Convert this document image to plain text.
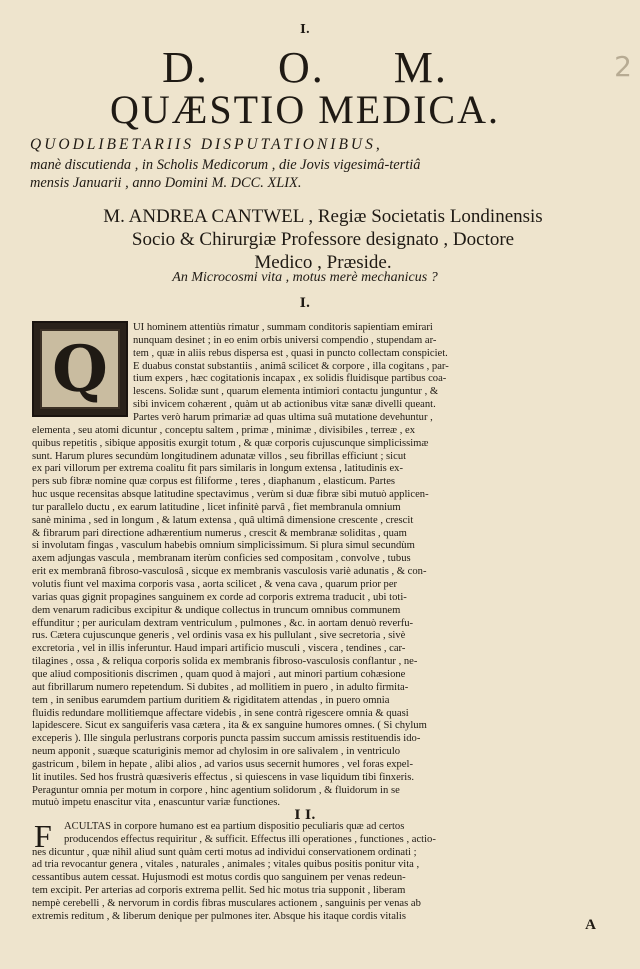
I.
2
D. O. M.
QUÆSTIO MEDICA.
QUODLIBETARIIS DISPUTATIONIBUS,
manè discutienda , in Scholis Medicorum , die Jovis vigesimâ-tertiâ
mensis Januarii , anno Domini M. DCC. XLIX.
M. ANDREA CANTWEL , Regiæ Societatis Londinensis
Socio & Chirurgiæ Professore designato , Doctore
Medico , Præside.
An Microcosmi vita , motus merè mechanicus ?
I.
Q
UI hominem attentiùs rimatur , summam conditoris sapientiam emirari
nunquam desinet ; in eo enim orbis universi compendio , stupendam ar-
tem , quæ in aliis rebus dispersa est , quasi in puncto collectam conspiciet.
E duabus constat substantiis , animâ scilicet & corpore , illa cogitans , par-
tium expers , hæc cogitationis incapax , ex solidis fluidisque partibus coa-
lescens. Solidæ sunt , quarum elementa intimiori contactu junguntur , &
sibi invicem cohærent , quàm ut ab actionibus vitæ sanæ divelli queant.
Partes verò harum primariæ ad quas ultima suâ mutatione devehuntur ,
elementa , seu atomi dicuntur , conceptu saltem , primæ , minimæ , divisibiles , terreæ , ex
quibus repetitis , sibique appositis exurgit totum , & quæ corporis cujuscunque simplicissimæ
sunt. Harum plures secundùm longitudinem adunatæ villos , seu fibrillas efficiunt ; sicut
ex pari villorum per extrema coalitu fit pars similaris in longum extensa , latitudinis ex-
pers sub fibræ nomine quæ corpus est filiforme , teres , diaphanum , elasticum. Partes
huc usque recensitas absque latitudine spectavimus , verùm si duæ fibræ sibi mutuò applicen-
tur parallelo ductu , ex earum latitudine , licet infinitè parvâ , fiet membranula omnium
sanè minima , sed in longum , & latum extensa , quâ ultimâ dimensione crescente , crescit
& fibrarum pari directione adhærentium numerus , crescit & membranæ soliditas , quam
si involutam fingas , vasculum habebis omnium simplicissimum. Si plura simul secundùm
axem adjungas vascula , membranam iterùm conficies sed compositam , convolve , tubus
erit ex membranâ fibroso-vasculosâ , sicque ex membranis vasculosis variè adunatis , & con-
volutis fiunt vel maxima corporis vasa , aorta scilicet , & vena cava , quarum prior per
varias quas gignit propagines sanguinem ex corde ad corporis extrema traducit , ubi toti-
dem venarum radicibus excipitur & undique collectus in truncum omnibus communem
effunditur ; per auriculam dextram ventriculum , pulmones , &c. in aortam denuò reverfu-
rus. Cætera cujuscunque generis , vel ordinis vasa ex his pullulant , sive secretoria , sivè
excretoria , vel in illis inferuntur. Haud impari artificio musculi , viscera , tendines , car-
tilagines , ossa , & reliqua corporis solida ex membranis fibroso-vasculosis conflantur , ne-
que aliud compositionis discrimen , quam quod à majori , aut minori partium cohæsione
aut fibrillarum numero repetendum. Si dubites , ad mollitiem in puero , in adulto firmita-
tem , in senibus earumdem partium duritiem & rigiditatem attendas , in puero omnia
fluidis redundare mollitiemque affectare videbis , in sene contrà rigescere omnia & quasi
lapidescere. Sicut ex sanguiferis vasa cætera , ita & ex sanguine humores omnes. ( Si chylum
exceperis ). Ille singula perlustrans corporis puncta passim succum amissis restituendis ido-
neum apponit , suæque scaturiginis memor ad chylosim in ore salivalem , in ventriculo
gastricum , bilem in hepate , alibi alios , ad varios usus secernit humores , vel foras expel-
lit inutiles. Sed hos frustrà quæsiveris effectus , si quiescens in vase liquidum tibi finxeris.
Peraguntur omnia per motum in corpore , hinc agentium solidorum , & fluidorum in se
mutuò impetu enascitur vita , enascuntur variæ functiones.
I I.
F ACULTAS in corpore humano est ea partium dispositio peculiaris quæ ad certos
producendos effectus requiritur , & sufficit. Effectus illi operationes , functiones , actio-
nes dicuntur , quæ nihil aliud sunt quàm certi motus ad individui conservationem ordinati ;
ad tria revocantur genera , vitales , naturales , animales ; vitales quibus positis ponitur vita ,
cessantibus autem cessat. Hujusmodi est motus cordis quo sanguinem per venas redeun-
tem excipit. Per arterias ad corporis extrema pellit. Sed hic motus tria supponit , liberam
nempè cerebelli , & nervorum in cordis fibras musculares actionem , sanguinis per venas ab
extremis reditum , & liberum denique per pulmones iter. Absque his itaque cordis vitalis
A
